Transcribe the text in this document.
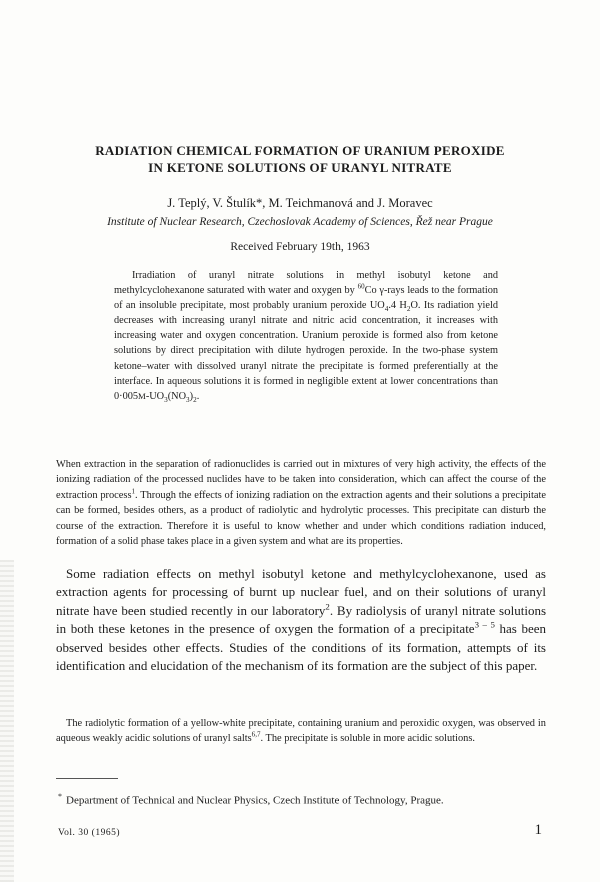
RADIATION CHEMICAL FORMATION OF URANIUM PEROXIDE
IN KETONE SOLUTIONS OF URANYL NITRATE

J. Teplý, V. Štulík*, M. Teichmanová and J. Moravec

Institute of Nuclear Research, Czechoslovak Academy of Sciences, Řež near Prague

Received February 19th, 1963

Irradiation of uranyl nitrate solutions in methyl isobutyl ketone and methylcyclohexanone saturated with water and oxygen by $^{60}$Co γ-rays leads to the formation of an insoluble precipitate, most probably uranium peroxide $UO_4.4$ $H_2O$. Its radiation yield decreases with increasing uranyl nitrate and nitric acid concentration, it increases with increasing water and oxygen concentration. Uranium peroxide is formed also from ketone solutions by direct precipitation with dilute hydrogen peroxide. In the two-phase system ketone–water with dissolved uranyl nitrate the precipitate is formed preferentially at the interface. In aqueous solutions it is formed in negligible extent at lower concentrations than $0\cdot 005M-UO_3(NO_3)_2$.

When extraction in the separation of radionuclides is carried out in mixtures of very high activity, the effects of the ionizing radiation of the processed nuclides have to be taken into consideration, which can affect the course of the extraction process$^1$. Through the effects of ionizing radiation on the extraction agents and their solutions a precipitate can be formed, besides others, as a product of radiolytic and hydrolytic processes. This precipitate can disturb the course of the extraction. Therefore it is useful to know whether and under which conditions radiation induced, formation of a solid phase takes place in a given system and what are its properties.

Some radiation effects on methyl isobutyl ketone and methylcyclohexanone, used as extraction agents for processing of burnt up nuclear fuel, and on their solutions of uranyl nitrate have been studied recently in our laboratory$^2$. By radiolysis of uranyl nitrate solutions in both these ketones in the presence of oxygen the formation of a precipitate$^{3 - 5}$ has been observed besides other effects. Studies of the conditions of its formation, attempts of its identification and elucidation of the mechanism of its formation are the subject of this paper.

The radiolytic formation of a yellow-white precipitate, containing uranium and peroxidic oxygen, was observed in aqueous weakly acidic solutions of uranyl salts$^{6,7}$. The precipitate is soluble in more acidic solutions.

* Department of Technical and Nuclear Physics, Czech Institute of Technology, Prague.

Vol. 30 (1965)	1
